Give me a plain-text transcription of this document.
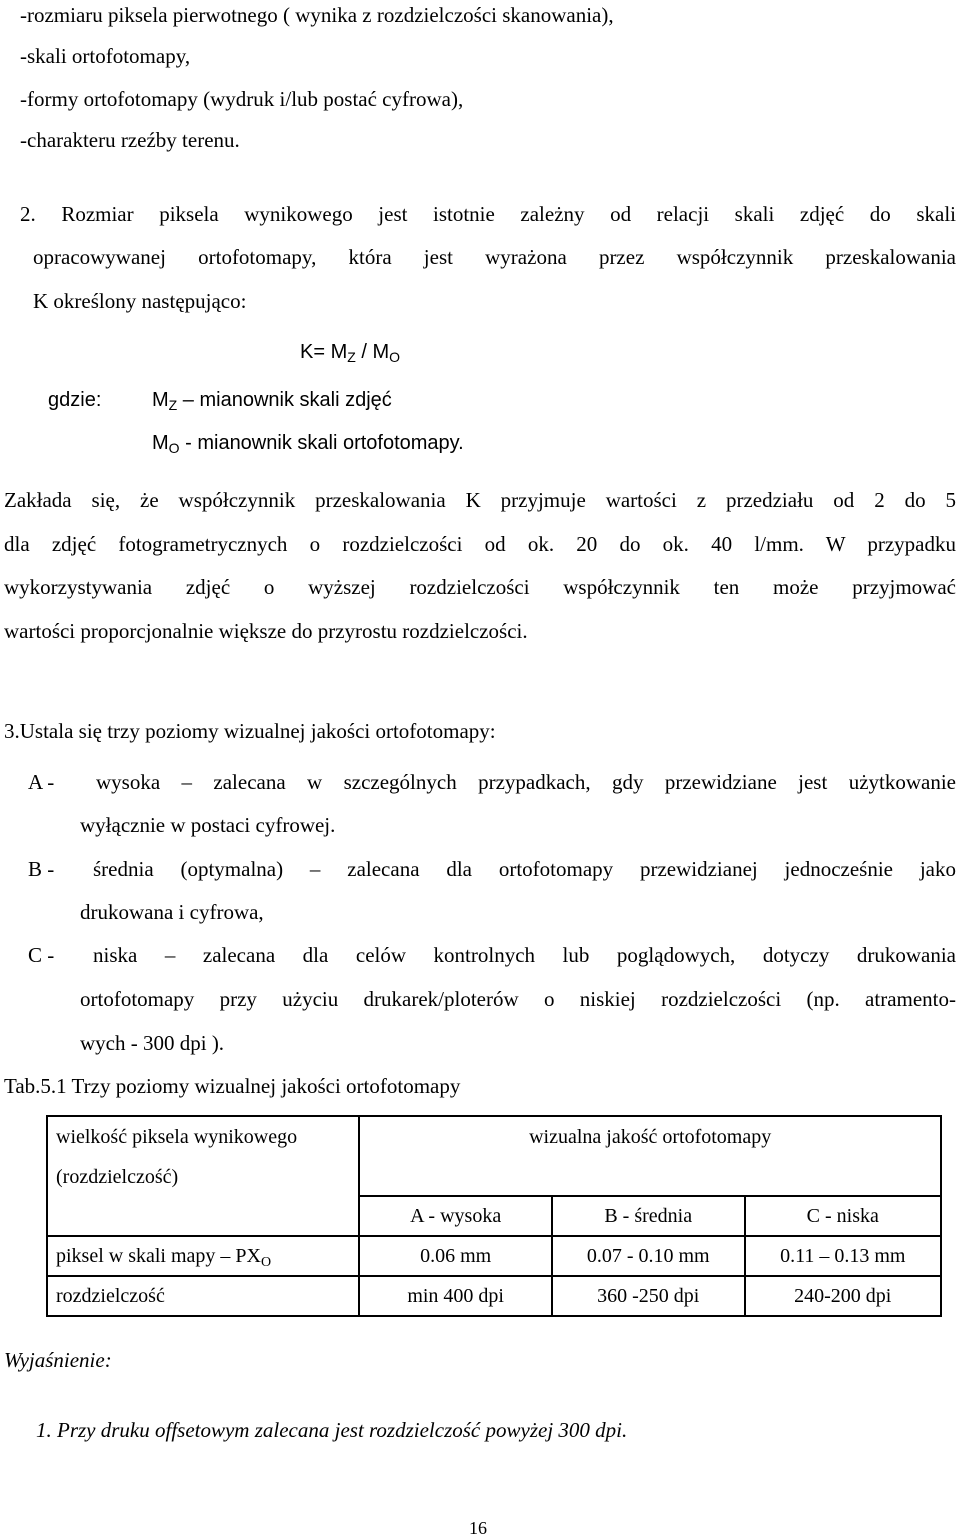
-rozmiaru piksela pierwotnego ( wynika z rozdzielczości skanowania),
-skali ortofotomapy,
-formy ortofotomapy (wydruk i/lub postać cyfrowa),
-charakteru rzeźby terenu.
2. Rozmiar piksela wynikowego jest istotnie zależny od relacji skali zdjęć do skali
opracowywanej ortofotomapy, która jest wyrażona przez współczynnik przeskalowania
K określony następująco:
$K= M_Z / M_O$
gdzie:	$M_Z$ – mianownik skali zdjęć
$M_O$ - mianownik skali ortofotomapy.
Zakłada się, że współczynnik przeskalowania K przyjmuje wartości z przedziału od 2 do 5
dla zdjęć fotogrametrycznych o rozdzielczości od ok. 20 do ok. 40 l/mm. W przypadku
wykorzystywania zdjęć o wyższej rozdzielczości współczynnik ten może przyjmować
wartości proporcjonalnie większe do przyrostu rozdzielczości.
3.Ustala się trzy poziomy wizualnej jakości ortofotomapy:
A - wysoka – zalecana w szczególnych przypadkach, gdy przewidziane jest użytkowanie
wyłącznie w postaci cyfrowej.
B - średnia (optymalna) – zalecana dla ortofotomapy przewidzianej jednocześnie jako
drukowana i cyfrowa,
C - niska – zalecana dla celów kontrolnych lub poglądowych, dotyczy drukowania
ortofotomapy przy użyciu drukarek/ploterów o niskiej rozdzielczości (np. atramento-
wych - 300 dpi ).
Tab.5.1 Trzy poziomy wizualnej jakości ortofotomapy
wielkość piksela wynikowego	wizualna jakość ortofotomapy		
(rozdzielczość)			
	A - wysoka	B - średnia	C - niska
piksel w skali mapy – $PX_O$	0.06 mm	0.07 - 0.10 mm	0.11 – 0.13 mm
rozdzielczość	min 400 dpi	360 -250 dpi	240-200 dpi
Wyjaśnienie:
1. Przy druku offsetowym zalecana jest rozdzielczość powyżej 300 dpi.
16
